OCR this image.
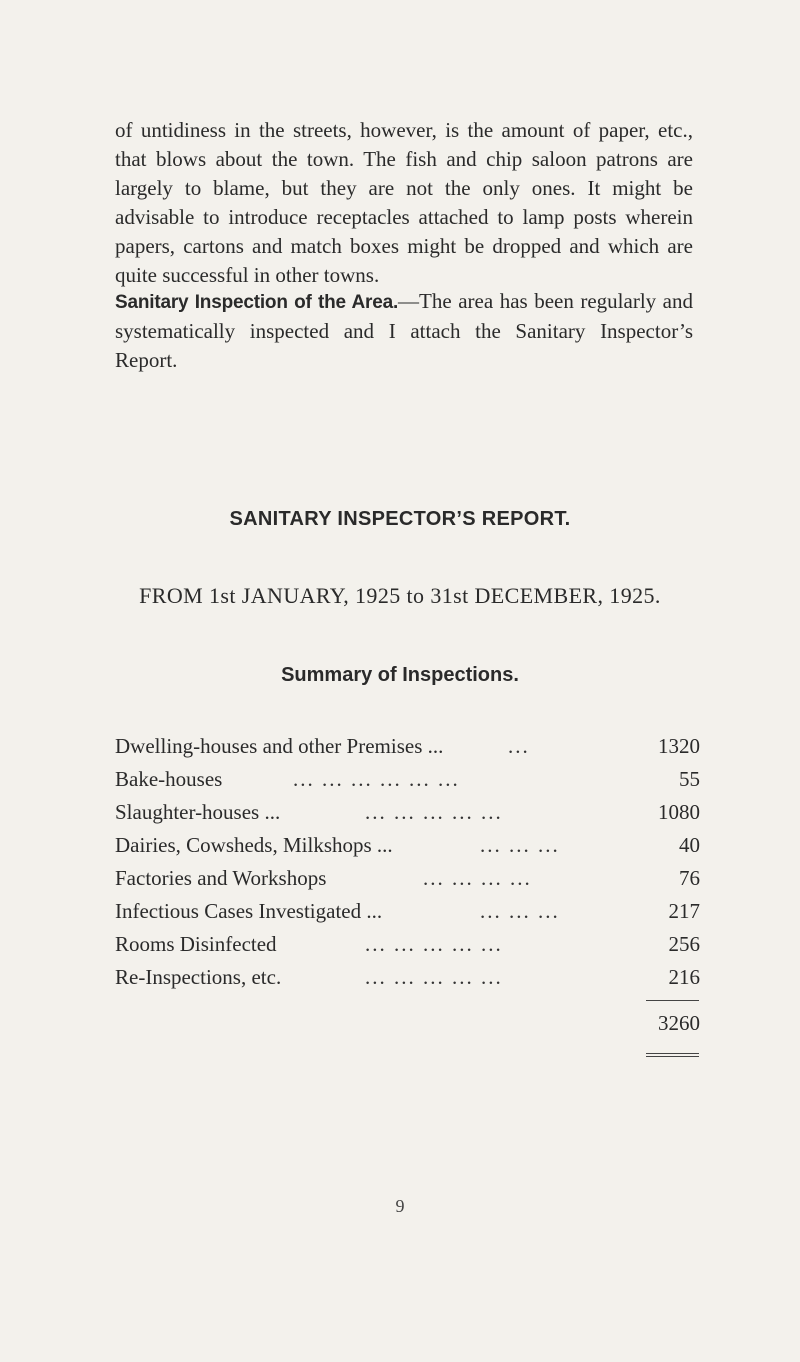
of untidiness in the streets, however, is the amount of paper, etc., that blows about the town. The fish and chip saloon patrons are largely to blame, but they are not the only ones. It might be advisable to introduce receptacles attached to lamp posts wherein papers, cartons and match boxes might be dropped and which are quite successful in other towns.

Sanitary Inspection of the Area.—The area has been regularly and systematically inspected and I attach the Sanitary Inspector’s Report.

SANITARY INSPECTOR’S REPORT.

FROM 1st JANUARY, 1925 to 31st DECEMBER, 1925.

Summary of Inspections.
Dwelling-houses and other Premises ...	...	1320
Bake-houses	... ... ... ... ... ...	55
Slaughter-houses ...	... ... ... ... ...	1080
Dairies, Cowsheds, Milkshops ...	... ... ...	40
Factories and Workshops	... ... ... ...	76
Infectious Cases Investigated ...	... ... ...	217
Rooms Disinfected	... ... ... ... ...	256
Re-Inspections, etc.	... ... ... ... ...	216
3260
9
